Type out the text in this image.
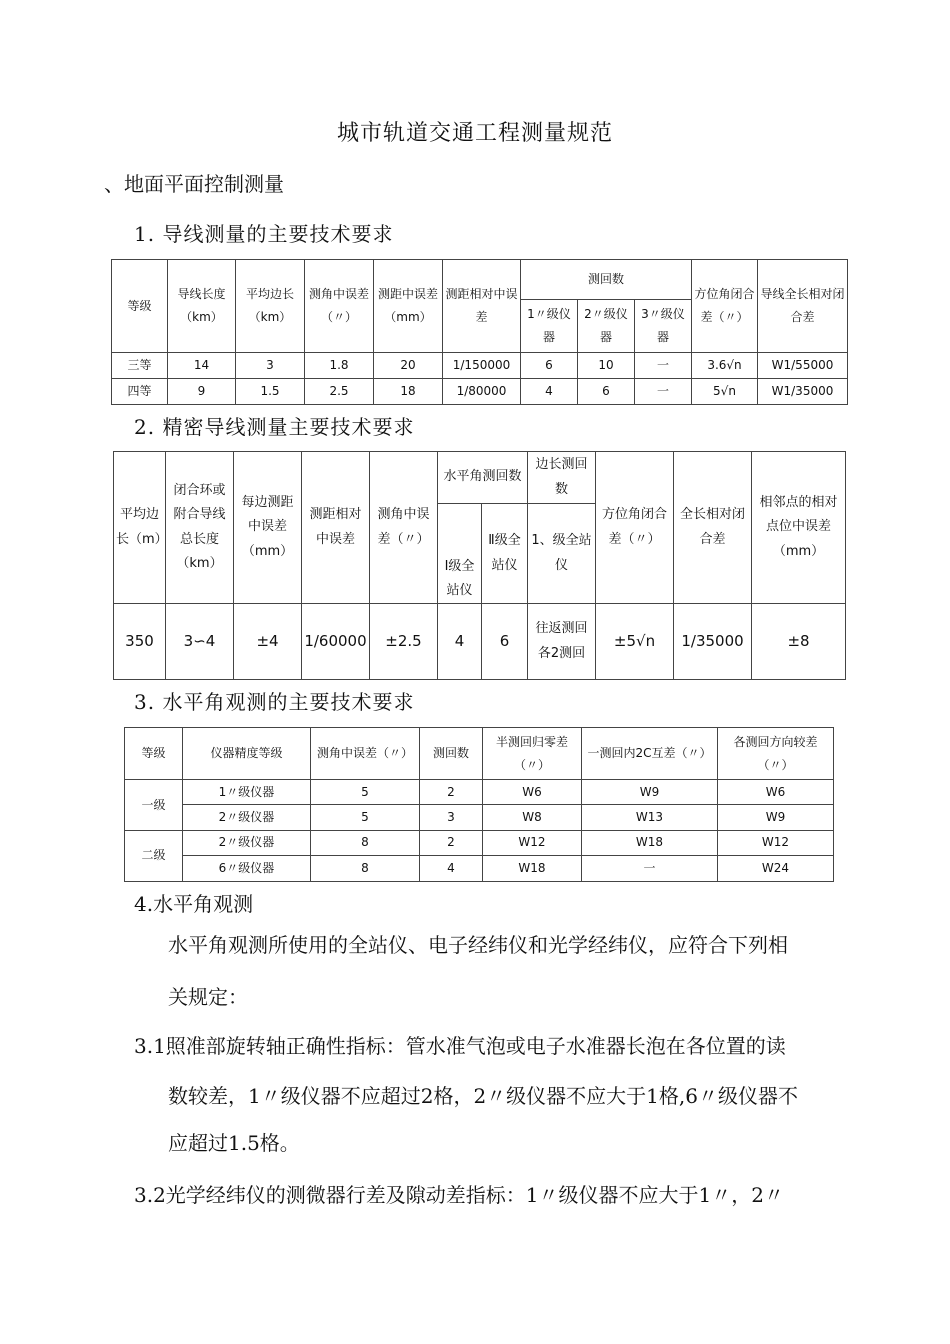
城市轨道交通工程测量规范
、地面平面控制测量
1. 导线测量的主要技术要求
等级	导线长度（km）	平均边长（km）	测角中误差（〃）	测距中误差（mm）	测距相对中误差	测回数			方位角闭合差（〃）	导线全长相对闭合差
						1〃级仪器	2〃级仪器	3〃级仪器		
三等	14	3	1.8	20	1/150000	6	10	一	3.6√n	W1/55000
四等	9	1.5	2.5	18	1/80000	4	6	一	5√n	W1/35000
2. 精密导线测量主要技术要求
平均边长（m）	闭合环或附合导线总长度（km）	每边测距中误差（mm）	测距相对中误差	测角中误差（〃）	水平角测回数		边长测回数	方位角闭合差（〃）	全长相对闭合差	相邻点的相对点位中误差（mm）
					Ⅰ级全站仪	Ⅱ级全站仪	1、级全站仪			
350	3∽4	±4	1/60000	±2.5	4	6	往返测回各2测回	±5√n	1/35000	±8
3. 水平角观测的主要技术要求
等级	仪器精度等级	测角中误差（〃）	测回数	半测回归零差（〃）	一测回内2C互差（〃）	各测回方向较差（〃）
一级	1〃级仪器	5	2	W6	W9	W6
	2〃级仪器	5	3	W8	W13	W9
二级	2〃级仪器	8	2	W12	W18	W12
	6〃级仪器	8	4	W18	一	W24
4.水平角观测
水平角观测所使用的全站仪、电子经纬仪和光学经纬仪，应符合下列相
关规定：
3.1照准部旋转轴正确性指标：管水准气泡或电子水准器长泡在各位置的读
数较差，1〃级仪器不应超过2格，2〃级仪器不应大于1格,6〃级仪器不
应超过1.5格。
3.2光学经纬仪的测微器行差及隙动差指标：1〃级仪器不应大于1〃，2〃
